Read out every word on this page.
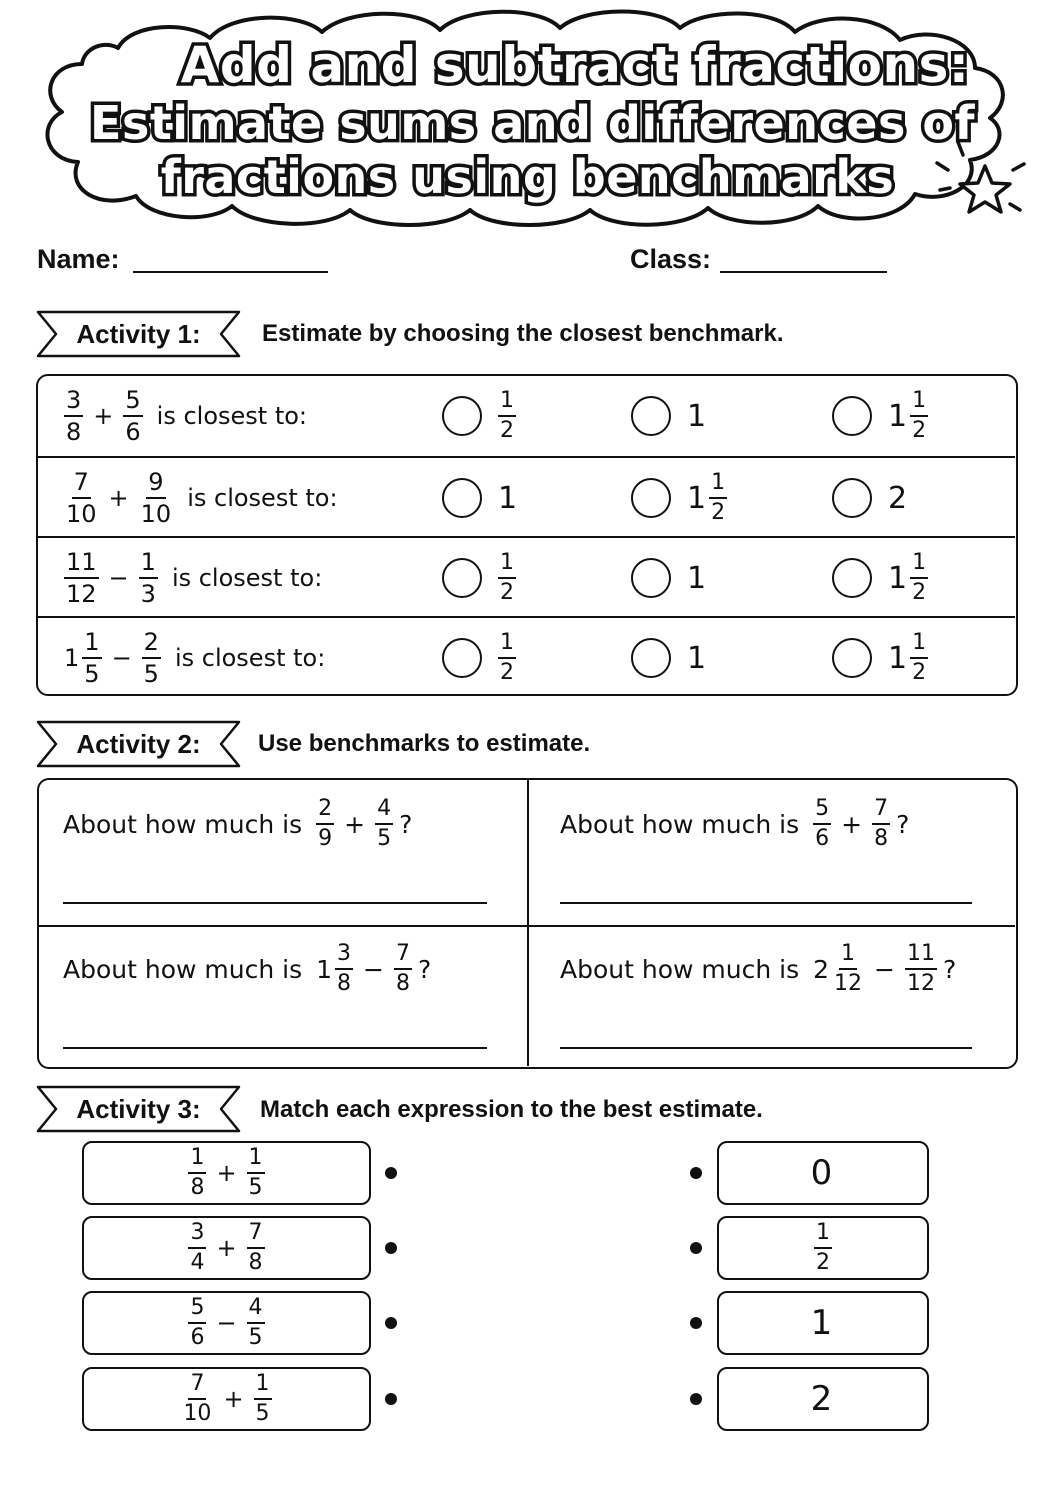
Add and subtract fractions:
Estimate sums and differences of
fractions using benchmarks
Name:	Class:
Activity 1:	Estimate by choosing the closest benchmark.
$\frac{3}{8} + \frac{5}{6}$ is closest to:	$\frac{1}{2}$	1	$1 \frac{1}{2}$
$\frac{7}{10} + \frac{9}{10}$ is closest to:	1	$1 \frac{1}{2}$	2
$\frac{11}{12} - \frac{1}{3}$ is closest to:	$\frac{1}{2}$	1	$1 \frac{1}{2}$
$1 \frac{1}{5} - \frac{2}{5}$ is closest to:	$\frac{1}{2}$	1	$1 \frac{1}{2}$
Activity 2:	Use benchmarks to estimate.
About how much is $\frac{2}{9} + \frac{4}{5}$ ?	About how much is $\frac{5}{6} + \frac{7}{8}$ ?
About how much is $1 \frac{3}{8} - \frac{7}{8}$ ?	About how much is $2 \frac{1}{12} - \frac{11}{12}$ ?
Activity 3:	Match each expression to the best estimate.
$\frac{1}{8} + \frac{1}{5}$
$\frac{3}{4} + \frac{7}{8}$
$\frac{5}{6} - \frac{4}{5}$
$\frac{7}{10} + \frac{1}{5}$
0
$\frac{1}{2}$
1
2
